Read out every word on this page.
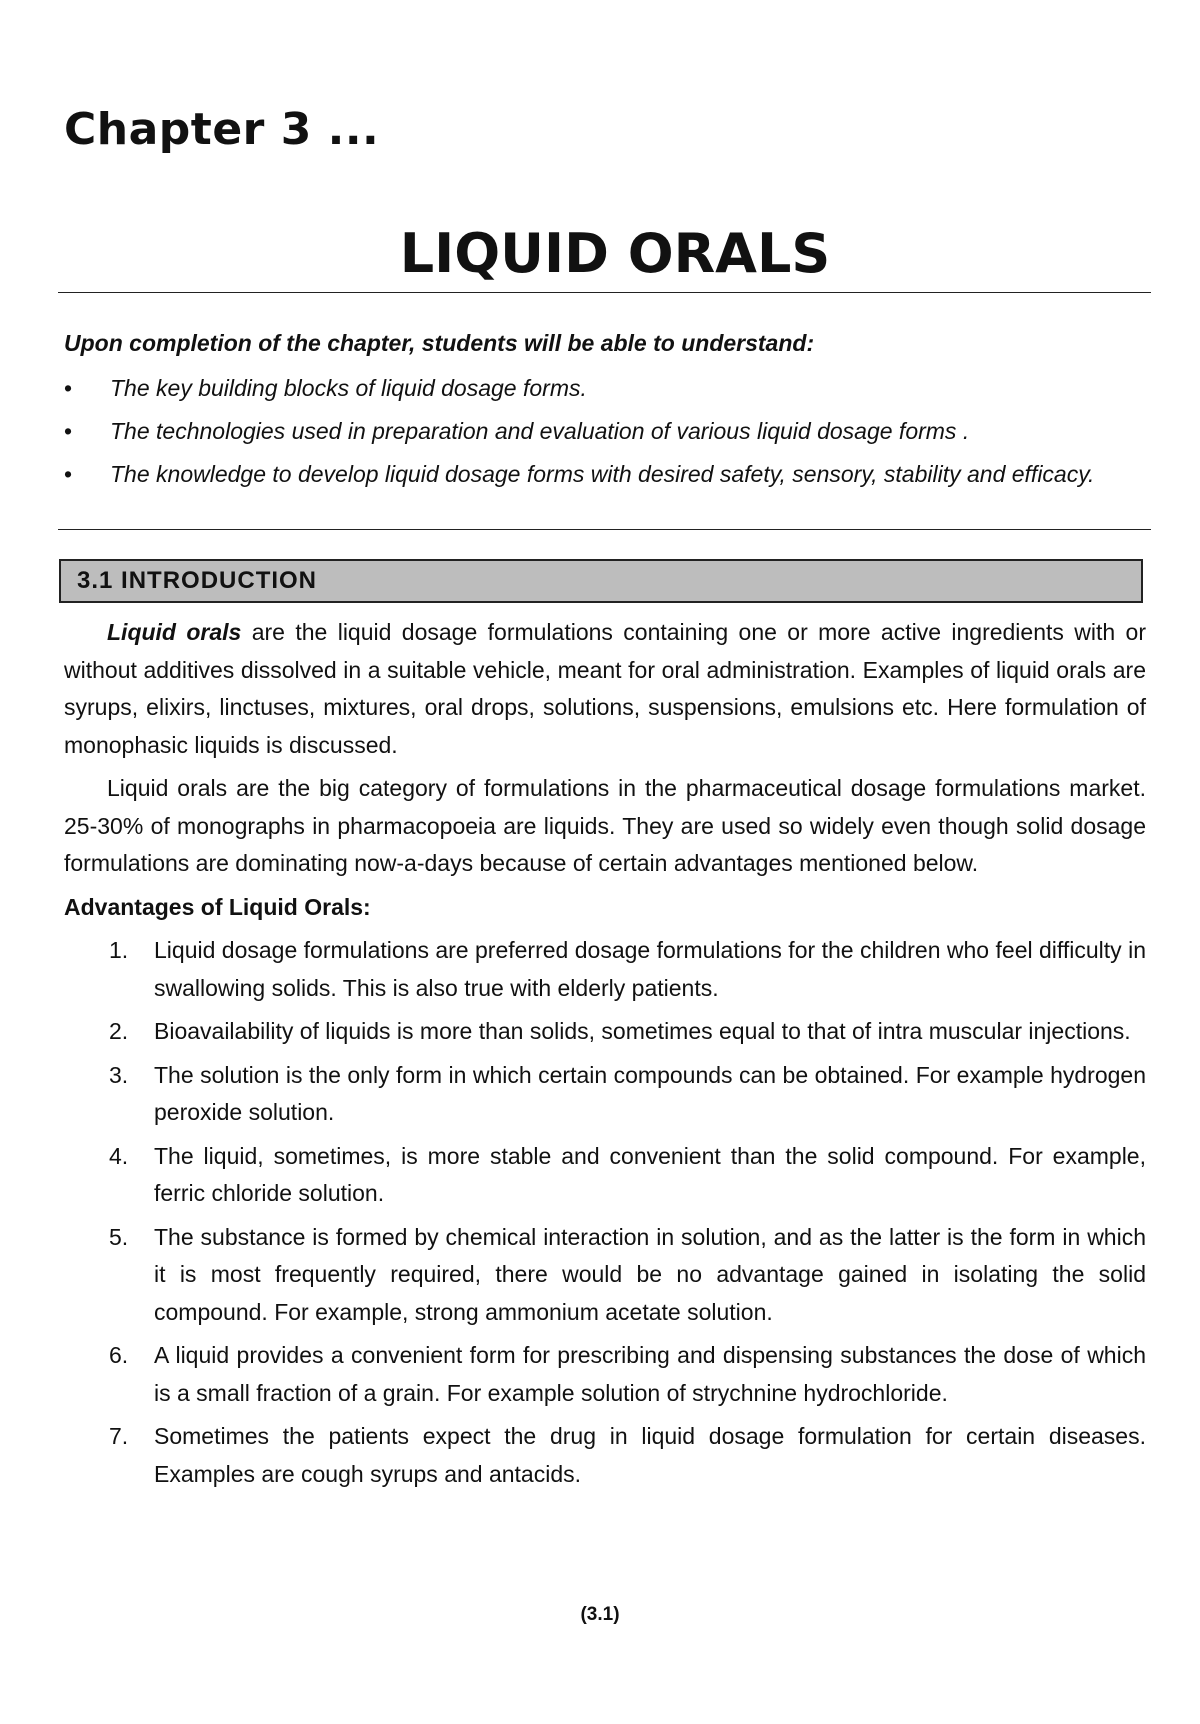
Chapter 3 ...
LIQUID ORALS
Upon completion of the chapter, students will be able to understand:
• The key building blocks of liquid dosage forms.
• The technologies used in preparation and evaluation of various liquid dosage forms .
• The knowledge to develop liquid dosage forms with desired safety, sensory, stability and efficacy.
3.1 INTRODUCTION

Liquid orals are the liquid dosage formulations containing one or more active ingredients with or without additives dissolved in a suitable vehicle, meant for oral administration. Examples of liquid orals are syrups, elixirs, linctuses, mixtures, oral drops, solutions, suspensions, emulsions etc. Here formulation of monophasic liquids is discussed.

Liquid orals are the big category of formulations in the pharmaceutical dosage formulations market. 25-30% of monographs in pharmacopoeia are liquids. They are used so widely even though solid dosage formulations are dominating now-a-days because of certain advantages mentioned below.

Advantages of Liquid Orals:
1. Liquid dosage formulations are preferred dosage formulations for the children who feel difficulty in swallowing solids. This is also true with elderly patients.
2. Bioavailability of liquids is more than solids, sometimes equal to that of intra muscular injections.
3. The solution is the only form in which certain compounds can be obtained. For example hydrogen peroxide solution.
4. The liquid, sometimes, is more stable and convenient than the solid compound. For example, ferric chloride solution.
5. The substance is formed by chemical interaction in solution, and as the latter is the form in which it is most frequently required, there would be no advantage gained in isolating the solid compound. For example, strong ammonium acetate solution.
6. A liquid provides a convenient form for prescribing and dispensing substances the dose of which is a small fraction of a grain. For example solution of strychnine hydrochloride.
7. Sometimes the patients expect the drug in liquid dosage formulation for certain diseases. Examples are cough syrups and antacids.
(3.1)
